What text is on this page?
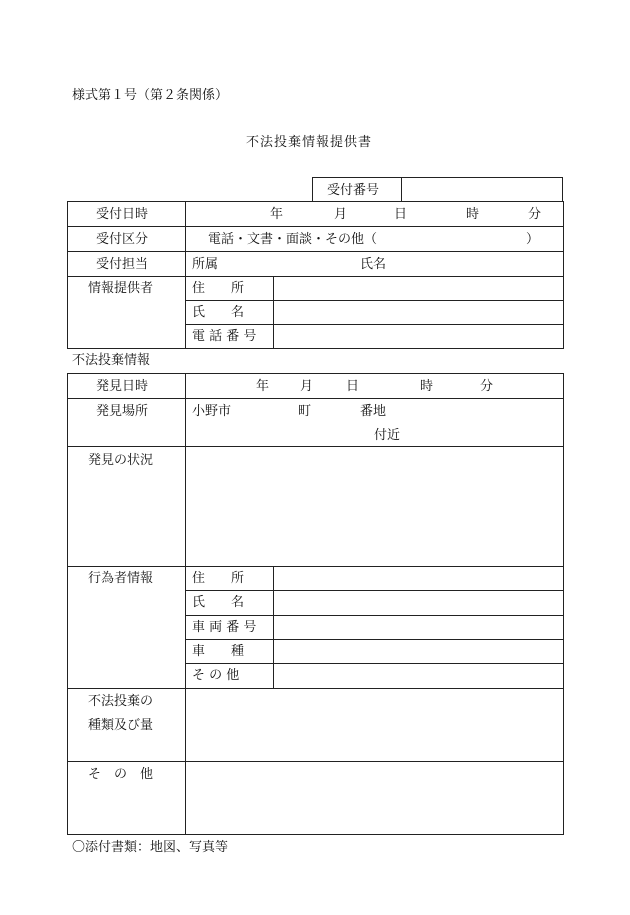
様式第１号（第２条関係）
不法投棄情報提供書
受付番号
受付日時	年	月	日	時	分
受付区分	電話・文書・面談・その他（	）
受付担当	所属	氏名
情報提供者	住　　所
氏　　名
電 話 番 号
不法投棄情報
発見日時	年 月	日	時	分
発見場所	小野市	町	番地
付近
発見の状況
行為者情報	住　　所
氏　　名
車 両 番 号
車　　種
そ の 他
不法投棄の
種類及び量
そ　の　他
〇添付書類：地図、写真等
